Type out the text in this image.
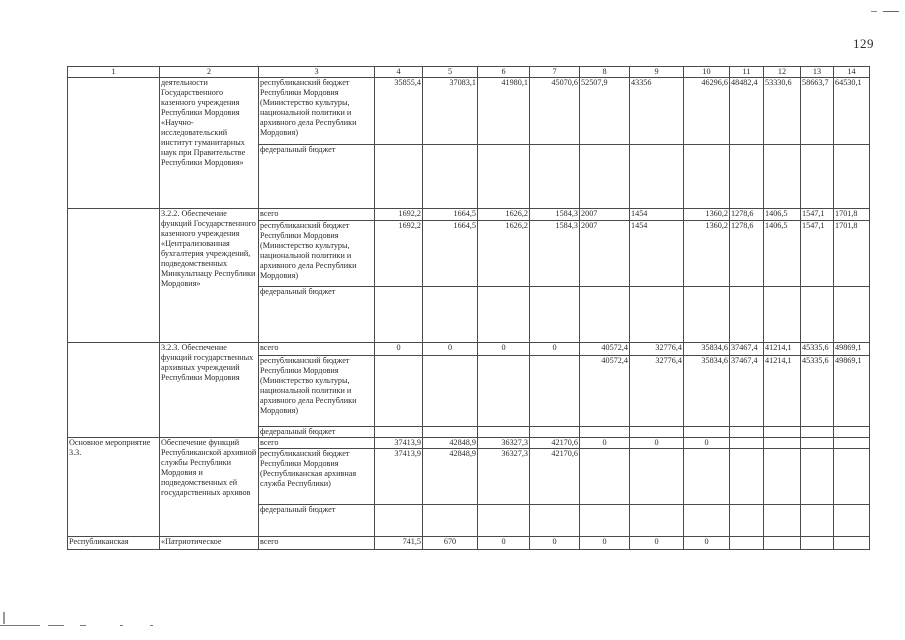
129
1	2	3	4	5	6	7	8	9	10	11	12	13	14
	деятельности Государственного казенного учреждения Республики Мордовия «Научно-исследовательский институт гуманитарных наук при Правительстве Республики Мордовия»	республиканский бюджет Республики Мордовия (Министерство культуры, национальной политики и архивного дела Республики Мордовия)	35855,4	37083,1	41980,1	45070,6	52507,9	43356	46296,6	48482,4	53330,6	58663,7	64530,1
		федеральный бюджет											
	3.2.2. Обеспечение функций Государственного казенного учреждения «Централизованная бухгалтерия учреждений, подведомственных Минкультнацу Республики Мордовия»	всего	1692,2	1664,5	1626,2	1584,3	2007	1454	1360,2	1278,6	1406,5	1547,1	1701,8
		республиканский бюджет Республики Мордовия (Министерство культуры, национальной политики и архивного дела Республики Мордовия)	1692,2	1664,5	1626,2	1584,3	2007	1454	1360,2	1278,6	1406,5	1547,1	1701,8
		федеральный бюджет											
	3.2.3. Обеспечение функций государственных архивных учреждений Республики Мордовия	всего	0	0	0	0	40572,4	32776,4	35834,6	37467,4	41214,1	45335,6	49869,1
		республиканский бюджет Республики Мордовия (Министерство культуры, национальной политики и архивного дела Республики Мордовия)					40572,4	32776,4	35834,6	37467,4	41214,1	45335,6	49869,1
		федеральный бюджет											
Основное мероприятие 3.3.	Обеспечение функций Республиканской архивной службы Республики Мордовия и подведомственных ей государственных архивов	всего	37413,9	42848,9	36327,3	42170,6	0	0	0				
		республиканский бюджет Республики Мордовия (Республиканская архивная служба Республики)	37413,9	42848,9	36327,3	42170,6							
		федеральный бюджет											
Республиканская	«Патриотическое	всего	741,5	670	0	0	0	0	0				
